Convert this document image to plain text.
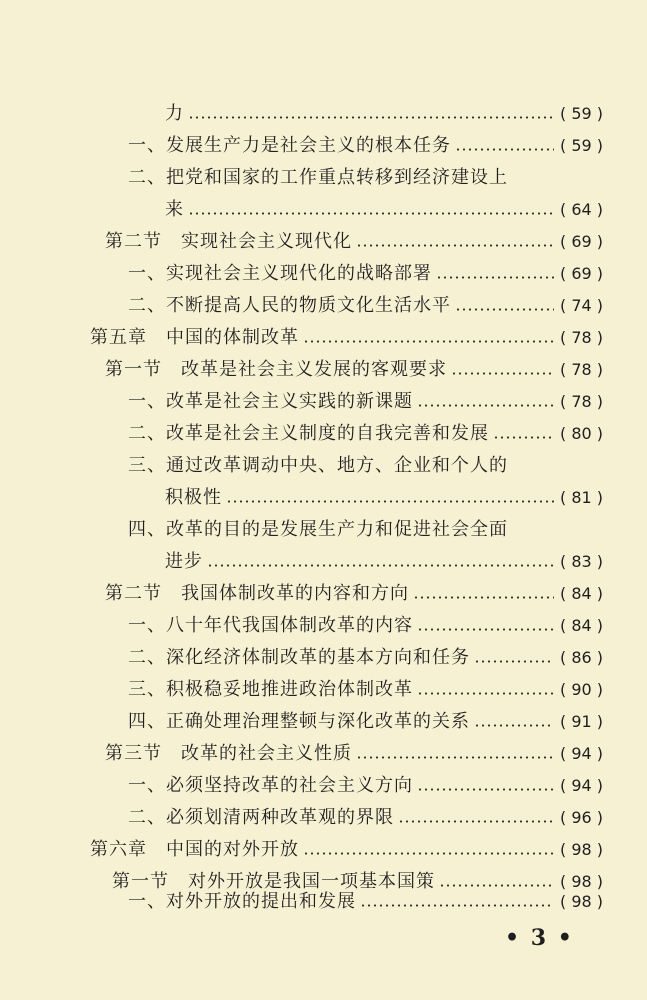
力	( 59 )
一、发展生产力是社会主义的根本任务	( 59 )
二、把党和国家的工作重点转移到经济建设上
来	( 64 )
第二节　实现社会主义现代化	( 69 )
一、实现社会主义现代化的战略部署	( 69 )
二、不断提高人民的物质文化生活水平	( 74 )
第五章　中国的体制改革	( 78 )
第一节　改革是社会主义发展的客观要求	( 78 )
一、改革是社会主义实践的新课题	( 78 )
二、改革是社会主义制度的自我完善和发展	( 80 )
三、通过改革调动中央、地方、企业和个人的
积极性	( 81 )
四、改革的目的是发展生产力和促进社会全面
进步	( 83 )
第二节　我国体制改革的内容和方向	( 84 )
一、八十年代我国体制改革的内容	( 84 )
二、深化经济体制改革的基本方向和任务	( 86 )
三、积极稳妥地推进政治体制改革	( 90 )
四、正确处理治理整顿与深化改革的关系	( 91 )
第三节　改革的社会主义性质	( 94 )
一、必须坚持改革的社会主义方向	( 94 )
二、必须划清两种改革观的界限	( 96 )
第六章　中国的对外开放	( 98 )
第一节　对外开放是我国一项基本国策	( 98 )
一、对外开放的提出和发展	( 98 )
• 3 •
